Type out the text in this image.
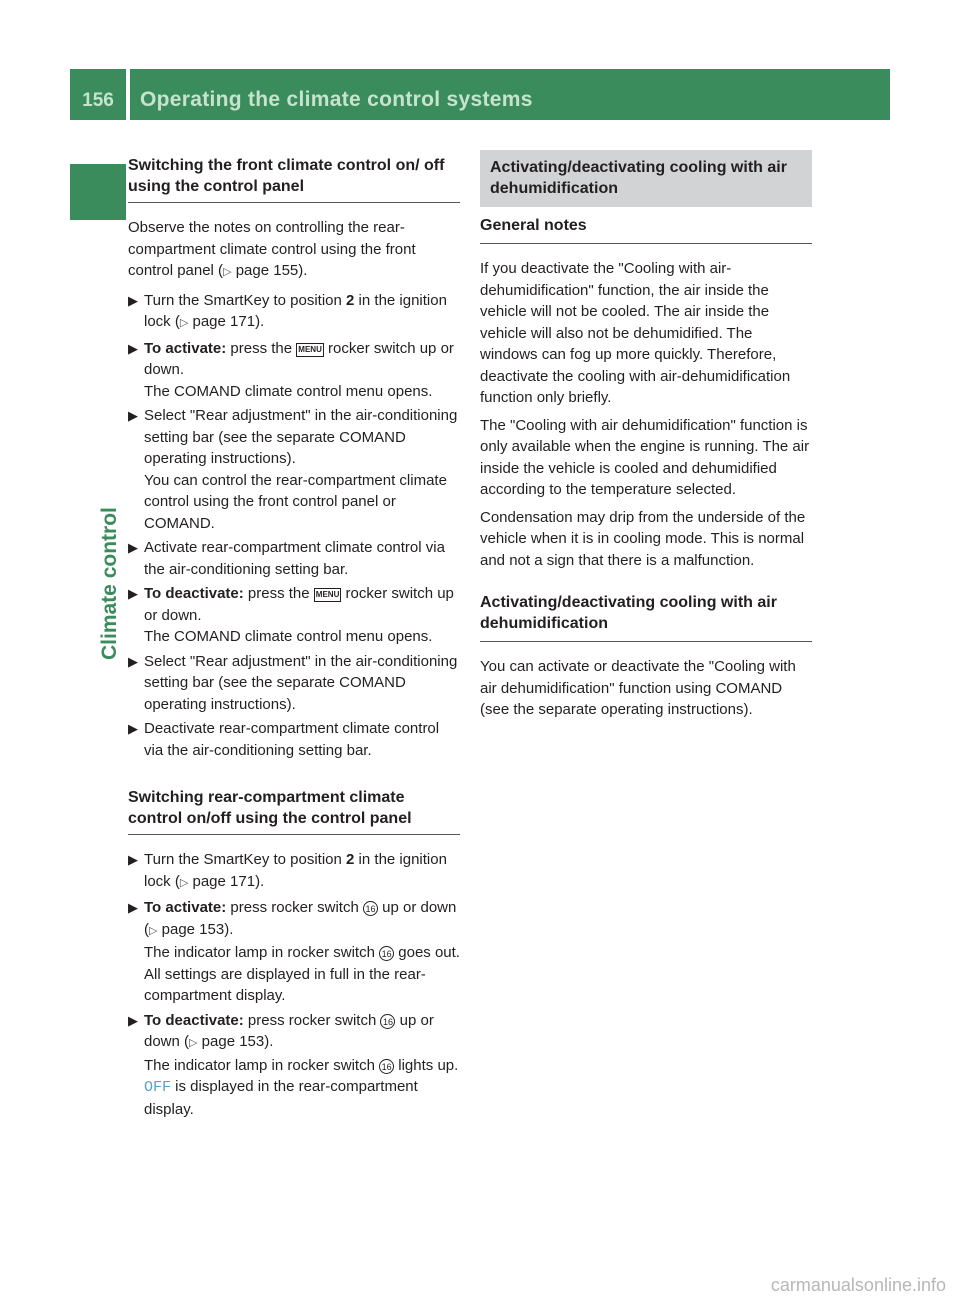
156	Operating the climate control systems
Climate control
Switching the front climate control on/ off using the control panel

Observe the notes on controlling the rear-compartment climate control using the front control panel (▷ page 155).

▶ Turn the SmartKey to position 2 in the ignition lock (▷ page 171).
▶ To activate: press the MENU rocker switch up or down.
The COMAND climate control menu opens.
▶ Select "Rear adjustment" in the air-conditioning setting bar (see the separate COMAND operating instructions).
You can control the rear-compartment climate control using the front control panel or COMAND.
▶ Activate rear-compartment climate control via the air-conditioning setting bar.
▶ To deactivate: press the MENU rocker switch up or down.
The COMAND climate control menu opens.
▶ Select "Rear adjustment" in the air-conditioning setting bar (see the separate COMAND operating instructions).
▶ Deactivate rear-compartment climate control via the air-conditioning setting bar.
Switching rear-compartment climate control on/off using the control panel
▶ Turn the SmartKey to position 2 in the ignition lock (▷ page 171).
▶ To activate: press rocker switch 16 up or down (▷ page 153).
The indicator lamp in rocker switch 16 goes out. All settings are displayed in full in the rear-compartment display.
▶ To deactivate: press rocker switch 16 up or down (▷ page 153).
The indicator lamp in rocker switch 16 lights up. OFF is displayed in the rear-compartment display.
Activating/deactivating cooling with air dehumidification
General notes

If you deactivate the "Cooling with air-dehumidification" function, the air inside the vehicle will not be cooled. The air inside the vehicle will also not be dehumidified. The windows can fog up more quickly. Therefore, deactivate the cooling with air-dehumidification function only briefly.

The "Cooling with air dehumidification" function is only available when the engine is running. The air inside the vehicle is cooled and dehumidified according to the temperature selected.

Condensation may drip from the underside of the vehicle when it is in cooling mode. This is normal and not a sign that there is a malfunction.

Activating/deactivating cooling with air dehumidification

You can activate or deactivate the "Cooling with air dehumidification" function using COMAND (see the separate operating instructions).

carmanualsonline.info
